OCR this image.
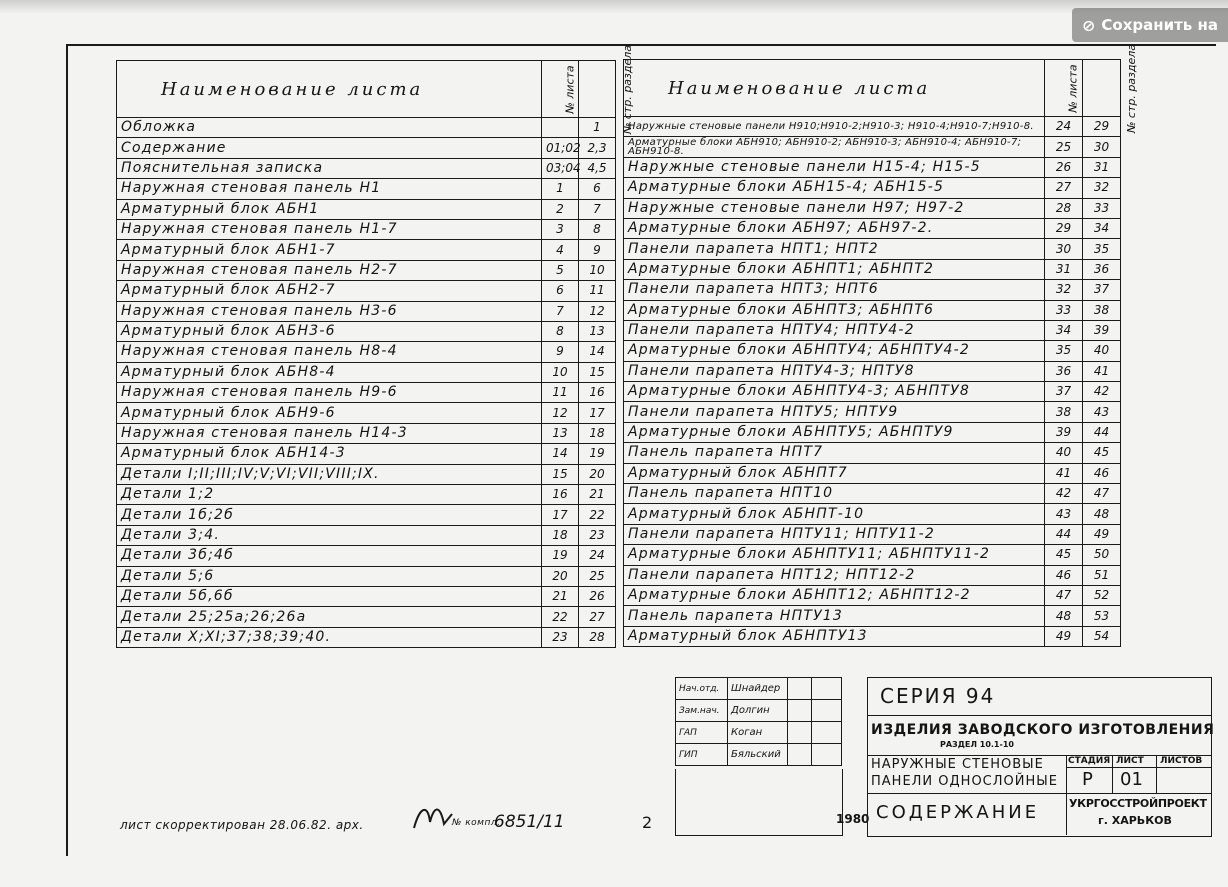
⊘ Сохранить на
Наименование листа	№ листа	№ стр. раздела
Обложка		1
Содержание	01;02	2,3
Пояснительная записка	03;04	4,5
Наружная стеновая панель Н1	1	6
Арматурный блок АБН1	2	7
Наружная стеновая панель Н1-7	3	8
Арматурный блок АБН1-7	4	9
Наружная стеновая панель Н2-7	5	10
Арматурный блок АБН2-7	6	11
Наружная стеновая панель Н3-6	7	12
Арматурный блок АБН3-6	8	13
Наружная стеновая панель Н8-4	9	14
Арматурный блок АБН8-4	10	15
Наружная стеновая панель Н9-6	11	16
Арматурный блок АБН9-6	12	17
Наружная стеновая панель Н14-3	13	18
Арматурный блок АБН14-3	14	19
Детали I;II;III;IV;V;VI;VII;VIII;IX.	15	20
Детали 1;2	16	21
Детали 1б;2б	17	22
Детали 3;4.	18	23
Детали 3б;4б	19	24
Детали 5;6	20	25
Детали 5б,6б	21	26
Детали 25;25а;26;26а	22	27
Детали X;XI;37;38;39;40.	23	28
Наименование листа	№ листа	№ стр. раздела
Наружные стеновые панели Н910;Н910-2;Н910-3; Н910-4;Н910-7;Н910-8.	24	29
Арматурные блоки АБН910; АБН910-2; АБН910-3; АБН910-4; АБН910-7; АБН910-8.	25	30
Наружные стеновые панели Н15-4; Н15-5	26	31
Арматурные блоки АБН15-4; АБН15-5	27	32
Наружные стеновые панели Н97; Н97-2	28	33
Арматурные блоки АБН97; АБН97-2.	29	34
Панели парапета НПТ1; НПТ2	30	35
Арматурные блоки АБНПТ1; АБНПТ2	31	36
Панели парапета НПТ3; НПТ6	32	37
Арматурные блоки АБНПТ3; АБНПТ6	33	38
Панели парапета НПТУ4; НПТУ4-2	34	39
Арматурные блоки АБНПТУ4; АБНПТУ4-2	35	40
Панели парапета НПТУ4-3; НПТУ8	36	41
Арматурные блоки АБНПТУ4-3; АБНПТУ8	37	42
Панели парапета НПТУ5; НПТУ9	38	43
Арматурные блоки АБНПТУ5; АБНПТУ9	39	44
Панель парапета НПТ7	40	45
Арматурный блок АБНПТ7	41	46
Панель парапета НПТ10	42	47
Арматурный блок АБНПТ-10	43	48
Панели парапета НПТУ11; НПТУ11-2	44	49
Арматурные блоки АБНПТУ11; АБНПТУ11-2	45	50
Панели парапета НПТ12; НПТ12-2	46	51
Арматурные блоки АБНПТ12; АБНПТ12-2	47	52
Панель парапета НПТУ13	48	53
Арматурный блок АБНПТУ13	49	54
Нач.отд.	Шнайдер		
Зам.нач.	Долгин		
ГАП	Коган		
ГИП	Бяльский		
1980
СЕРИЯ 94
ИЗДЕЛИЯ ЗАВОДСКОГО ИЗГОТОВЛЕНИЯ
РАЗДЕЛ 10.1-10
НАРУЖНЫЕ СТЕНОВЫЕ
ПАНЕЛИ ОДНОСЛОЙНЫЕ
СТАДИЯ ЛИСТ ЛИСТОВ
Р 01
СОДЕРЖАНИЕ	УКРГОССТРОЙПРОЕКТ
г. ХАРЬКОВ
лист скорректирован 28.06.82. арх.	№ компл.
6851/11	2
